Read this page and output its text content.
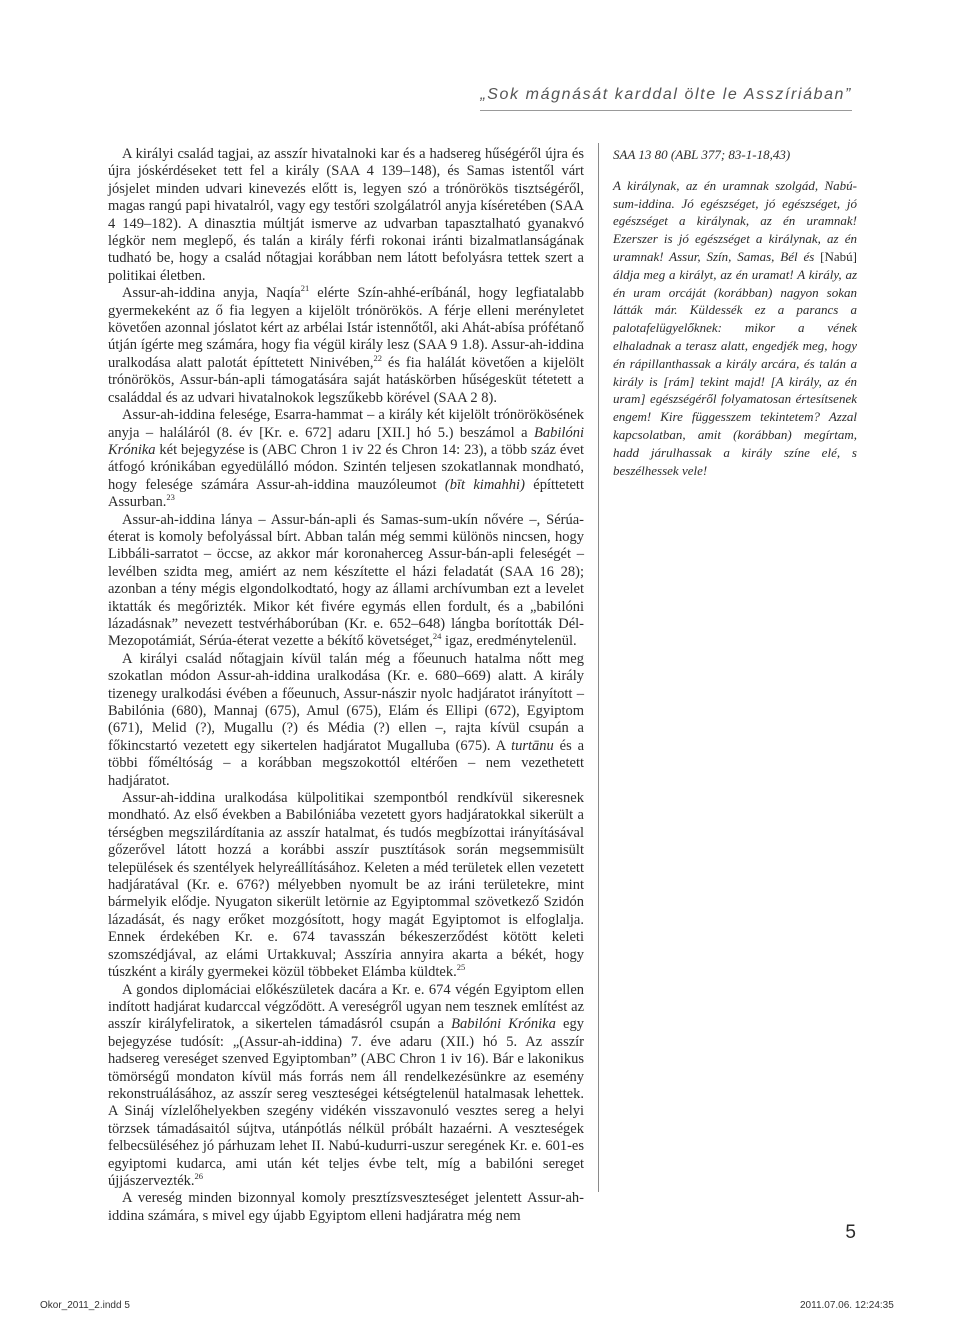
„Sok mágnását karddal ölte le Asszíriában”

A királyi család tagjai, az asszír hivatalnoki kar és a hadsereg hűségéről újra és újra jóskérdéseket tett fel a király (SAA 4 139–148), és Samas istentől várt jósjelet minden udvari kinevezés előtt is, legyen szó a trónörökös tisztségéről, magas rangú papi hivatalról, vagy egy testőri szolgálatról anyja kíséretében (SAA 4 149–182). A dinasztia múltját ismerve az udvarban tapasztalható gyanakvó légkör nem meglepő, és talán a király férfi rokonai iránti bizalmatlanságának tudható be, hogy a család nőtagjai korábban nem látott befolyásra tettek szert a politikai életben.

Assur-ah-iddina anyja, Naqía$^{21}$ elérte Szín-ahhé-eríbánál, hogy legfiatalabb gyermekeként az ő fia legyen a kijelölt trónörökös. A férje elleni merényletet követően azonnal jóslatot kért az arbélai Istár istennőtől, aki Ahát-abísa prófétanő útján ígérte meg számára, hogy fia végül király lesz (SAA 9 1.8). Assur-ah-iddina uralkodása alatt palotát építtetett Ninivében,$^{22}$ és fia halálát követően a kijelölt trónörökös, Assur-bán-apli támogatására saját hatáskörben hűségesküt tétetett a családdal és az udvari hivatalnokok legszűkebb körével (SAA 2 8).

Assur-ah-iddina felesége, Esarra-hammat – a király két kijelölt trónörökösének anyja – haláláról (8. év [Kr. e. 672] adaru [XII.] hó 5.) beszámol a Babilóni Krónika két bejegyzése is (ABC Chron 1 iv 22 és Chron 14: 23), a több száz évet átfogó krónikában egyedülálló módon. Szintén teljesen szokatlannak mondható, hogy felesége számára Assur-ah-iddina mauzóleumot (bīt kimahhi) építtetett Assurban.$^{23}$

Assur-ah-iddina lánya – Assur-bán-apli és Samas-sum-ukín nővére –, Sérúa-éterat is komoly befolyással bírt. Abban talán még semmi különös nincsen, hogy Libbáli-sarratot – öccse, az akkor már koronaherceg Assur-bán-apli feleségét – levélben szidta meg, amiért az nem készítette el házi feladatát (SAA 16 28); azonban a tény mégis elgondolkodtató, hogy az állami archívumban ezt a levelet iktatták és megőrizték. Mikor két fivére egymás ellen fordult, és a „babilóni lázadásnak” nevezett testvérháborúban (Kr. e. 652–648) lángba borították Dél-Mezopotámiát, Sérúa-éterat vezette a békítő követséget,$^{24}$ igaz, eredménytelenül.

A királyi család nőtagjain kívül talán még a főeunuch hatalma nőtt meg szokatlan módon Assur-ah-iddina uralkodása (Kr. e. 680–669) alatt. A király tizenegy uralkodási évében a főeunuch, Assur-nászir nyolc hadjáratot irányított – Babilónia (680), Mannaj (675), Amul (675), Elám és Ellipi (672), Egyiptom (671), Melid (?), Mugallu (?) és Média (?) ellen –, rajta kívül csupán a főkincstartó vezetett egy sikertelen hadjáratot Mugalluba (675). A turtānu és a többi főméltóság – a korábban megszokottól eltérően – nem vezethetett hadjáratot.

Assur-ah-iddina uralkodása külpolitikai szempontból rendkívül sikeresnek mondható. Az első években a Babilóniába vezetett gyors hadjáratokkal sikerült a térségben megszilárdítania az asszír hatalmat, és tudós megbízottai irányításával gőzerővel látott hozzá a korábbi asszír pusztítások során megsemmisült települések és szentélyek helyreállításához. Keleten a méd területek ellen vezetett hadjáratával (Kr. e. 676?) mélyebben nyomult be az iráni területekre, mint bármelyik elődje. Nyugaton sikerült letörnie az Egyiptommal szövetkező Szidón lázadását, és nagy erőket mozgósított, hogy magát Egyiptomot is elfoglalja. Ennek érdekében Kr. e. 674 tavasszán békeszerződést kötött keleti szomszédjával, az elámi Urtakkuval; Asszíria annyira akarta a békét, hogy túszként a király gyermekei közül többeket Elámba küldtek.$^{25}$

A gondos diplomáciai előkészületek dacára a Kr. e. 674 végén Egyiptom ellen indított hadjárat kudarccal végződött. A vereségről ugyan nem tesznek említést az asszír királyfeliratok, a sikertelen támadásról csupán a Babilóni Krónika egy bejegyzése tudósít: „(Assur-ah-iddina) 7. éve adaru (XII.) hó 5. Az asszír hadsereg vereséget szenved Egyiptomban” (ABC Chron 1 iv 16). Bár e lakonikus tömörségű mondaton kívül más forrás nem áll rendelkezésünkre az esemény rekonstruálásához, az asszír sereg veszteségei kétségtelenül hatalmasak lehettek. A Sináj vízlelőhelyekben szegény vidékén visszavonuló vesztes sereg a helyi törzsek támadásaitól sújtva, utánpótlás nélkül próbált hazaérni. A veszteségek felbecsüléséhez jó párhuzam lehet II. Nabú-kudurri-uszur seregének Kr. e. 601-es egyiptomi kudarca, ami után két teljes évbe telt, míg a babilóni sereget újjászervezték.$^{26}$

A vereség minden bizonnyal komoly presztízsveszteséget jelentett Assur-ah-iddina számára, s mivel egy újabb Egyiptom elleni hadjáratra még nem

SAA 13 80 (ABL 377; 83-1-18,43)

A királynak, az én uramnak szolgád, Nabú-sum-iddina. Jó egészséget, jó egészséget, jó egészséget a királynak, az én uramnak! Ezerszer is jó egészséget a királynak, az én uramnak! Assur, Szín, Samas, Bél és [Nabú] áldja meg a királyt, az én uramat! A király, az én uram orcáját (korábban) nagyon sokan látták már. Küldessék ez a parancs a palotafelügyelőknek: mikor a vének elhaladnak a terasz alatt, engedjék meg, hogy én rápillanthassak a király arcára, és talán a király is [rám] tekint majd! [A király, az én uram] egészségéről folyamatosan értesítsenek engem! Kire függesszem tekintetem? Azzal kapcsolatban, amit (korábban) megírtam, hadd járulhassak a király színe elé, s beszélhessek vele!

5
Okor_2011_2.indd 5	2011.07.06. 12:24:35
